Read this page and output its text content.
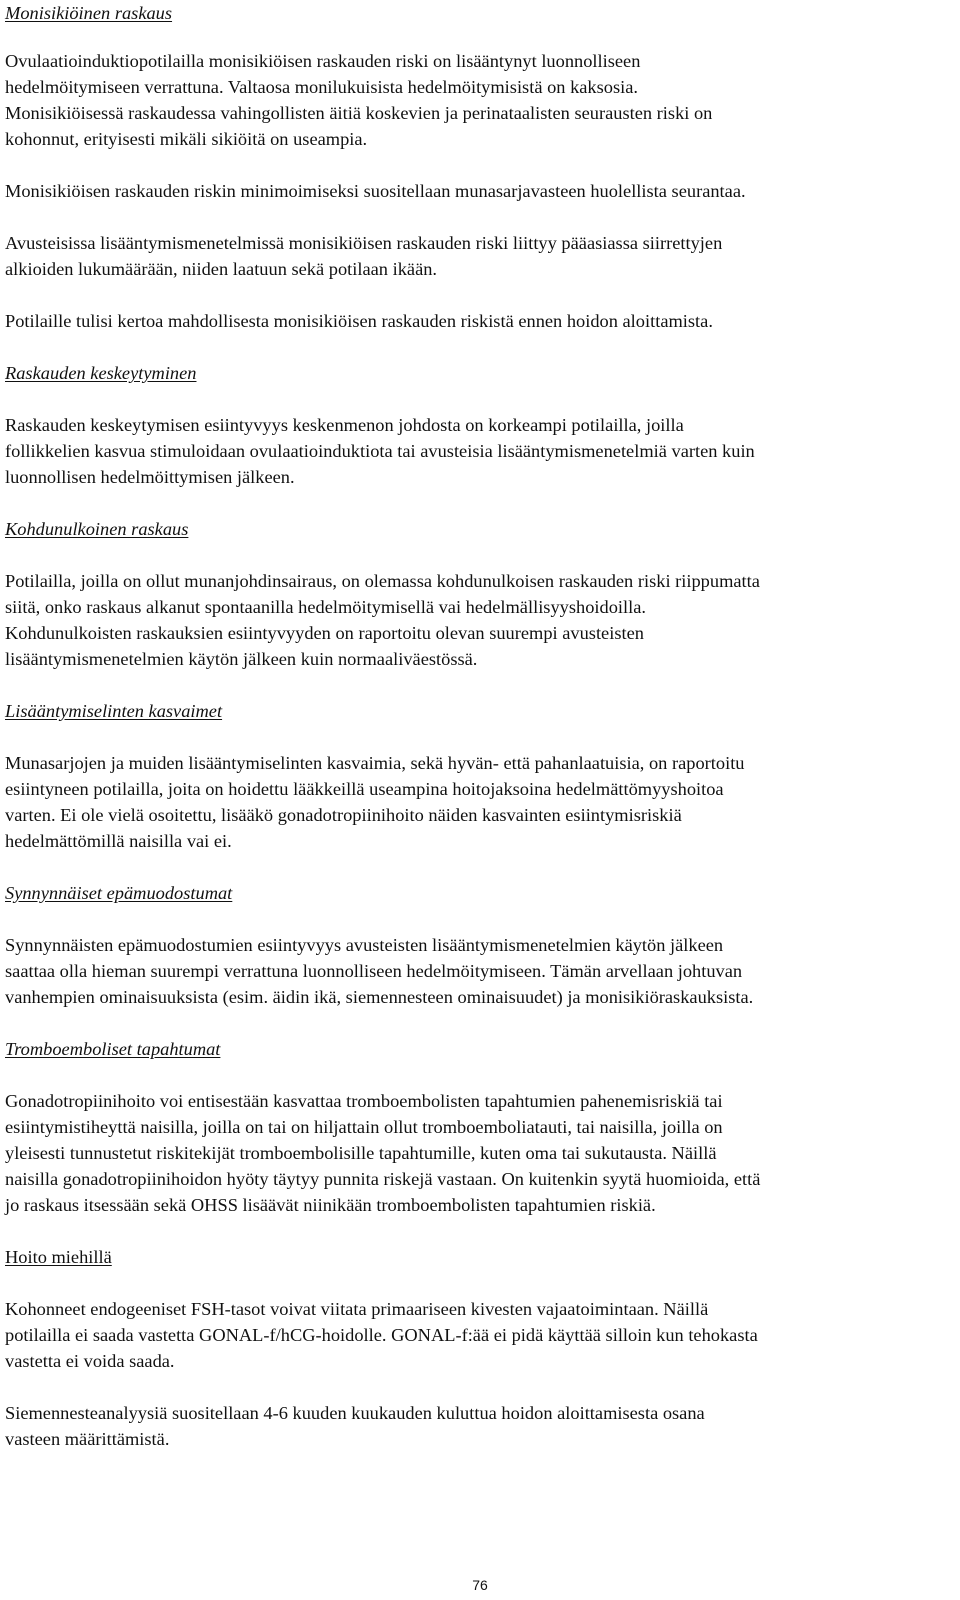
Monisikiöinen raskaus

Ovulaatioinduktiopotilailla monisikiöisen raskauden riski on lisääntynyt luonnolliseen
hedelmöitymiseen verrattuna. Valtaosa monilukuisista hedelmöitymisistä on kaksosia.
Monisikiöisessä raskaudessa vahingollisten äitiä koskevien ja perinataalisten seurausten riski on
kohonnut, erityisesti mikäli sikiöitä on useampia.

Monisikiöisen raskauden riskin minimoimiseksi suositellaan munasarjavasteen huolellista seurantaa.

Avusteisissa lisääntymismenetelmissä monisikiöisen raskauden riski liittyy pääasiassa siirrettyjen
alkioiden lukumäärään, niiden laatuun sekä potilaan ikään.

Potilaille tulisi kertoa mahdollisesta monisikiöisen raskauden riskistä ennen hoidon aloittamista.

Raskauden keskeytyminen

Raskauden keskeytymisen esiintyvyys keskenmenon johdosta on korkeampi potilailla, joilla
follikkelien kasvua stimuloidaan ovulaatioinduktiota tai avusteisia lisääntymismenetelmiä varten kuin
luonnollisen hedelmöittymisen jälkeen.

Kohdunulkoinen raskaus

Potilailla, joilla on ollut munanjohdinsairaus, on olemassa kohdunulkoisen raskauden riski riippumatta
siitä, onko raskaus alkanut spontaanilla hedelmöitymisellä vai hedelmällisyyshoidoilla.
Kohdunulkoisten raskauksien esiintyvyyden on raportoitu olevan suurempi avusteisten
lisääntymismenetelmien käytön jälkeen kuin normaaliväestössä.

Lisääntymiselinten kasvaimet

Munasarjojen ja muiden lisääntymiselinten kasvaimia, sekä hyvän- että pahanlaatuisia, on raportoitu
esiintyneen potilailla, joita on hoidettu lääkkeillä useampina hoitojaksoina hedelmättömyyshoitoa
varten. Ei ole vielä osoitettu, lisääkö gonadotropiinihoito näiden kasvainten esiintymisriskiä
hedelmättömillä naisilla vai ei.

Synnynnäiset epämuodostumat

Synnynnäisten epämuodostumien esiintyvyys avusteisten lisääntymismenetelmien käytön jälkeen
saattaa olla hieman suurempi verrattuna luonnolliseen hedelmöitymiseen. Tämän arvellaan johtuvan
vanhempien ominaisuuksista (esim. äidin ikä, siemennesteen ominaisuudet) ja monisikiöraskauksista.

Tromboemboliset tapahtumat

Gonadotropiinihoito voi entisestään kasvattaa tromboembolisten tapahtumien pahenemisriskiä tai
esiintymistiheyttä naisilla, joilla on tai on hiljattain ollut tromboemboliatauti, tai naisilla, joilla on
yleisesti tunnustetut riskitekijät tromboembolisille tapahtumille, kuten oma tai sukutausta. Näillä
naisilla gonadotropiinihoidon hyöty täytyy punnita riskejä vastaan. On kuitenkin syytä huomioida, että
jo raskaus itsessään sekä OHSS lisäävät niinikään tromboembolisten tapahtumien riskiä.

Hoito miehillä

Kohonneet endogeeniset FSH-tasot voivat viitata primaariseen kivesten vajaatoimintaan. Näillä
potilailla ei saada vastetta GONAL-f/hCG-hoidolle. GONAL-f:ää ei pidä käyttää silloin kun tehokasta
vastetta ei voida saada.

Siemennesteanalyysiä suositellaan 4-6 kuuden kuukauden kuluttua hoidon aloittamisesta osana
vasteen määrittämistä.

76
